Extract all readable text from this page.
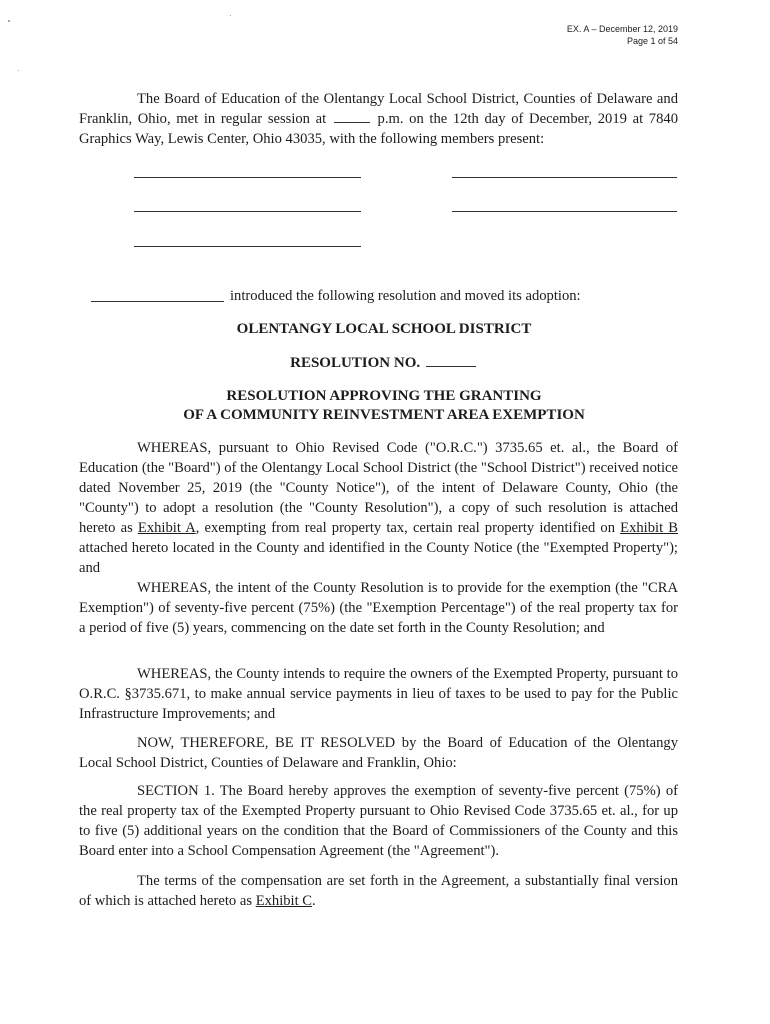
EX. A – December 12, 2019
Page 1 of 54
The Board of Education of the Olentangy Local School District, Counties of Delaware and Franklin, Ohio, met in regular session at	p.m. on the 12th day of December, 2019 at 7840 Graphics Way, Lewis Center, Ohio 43035, with the following members present:
introduced the following resolution and moved its adoption:
OLENTANGY LOCAL SCHOOL DISTRICT
RESOLUTION NO.
RESOLUTION APPROVING THE GRANTING
OF A COMMUNITY REINVESTMENT AREA EXEMPTION
WHEREAS, pursuant to Ohio Revised Code ("O.R.C.") 3735.65 et. al., the Board of Education (the "Board") of the Olentangy Local School District (the "School District") received notice dated November 25, 2019 (the "County Notice"), of the intent of Delaware County, Ohio (the "County") to adopt a resolution (the "County Resolution"), a copy of such resolution is attached hereto as Exhibit A, exempting from real property tax, certain real property identified on Exhibit B attached hereto located in the County and identified in the County Notice (the "Exempted Property"); and
WHEREAS, the intent of the County Resolution is to provide for the exemption (the "CRA Exemption") of seventy-five percent (75%) (the "Exemption Percentage") of the real property tax for a period of five (5) years, commencing on the date set forth in the County Resolution; and
WHEREAS, the County intends to require the owners of the Exempted Property, pursuant to O.R.C. §3735.671, to make annual service payments in lieu of taxes to be used to pay for the Public Infrastructure Improvements; and
NOW, THEREFORE, BE IT RESOLVED by the Board of Education of the Olentangy Local School District, Counties of Delaware and Franklin, Ohio:
SECTION 1. The Board hereby approves the exemption of seventy-five percent (75%) of the real property tax of the Exempted Property pursuant to Ohio Revised Code 3735.65 et. al., for up to five (5) additional years on the condition that the Board of Commissioners of the County and this Board enter into a School Compensation Agreement (the "Agreement").
The terms of the compensation are set forth in the Agreement, a substantially final version of which is attached hereto as Exhibit C.
